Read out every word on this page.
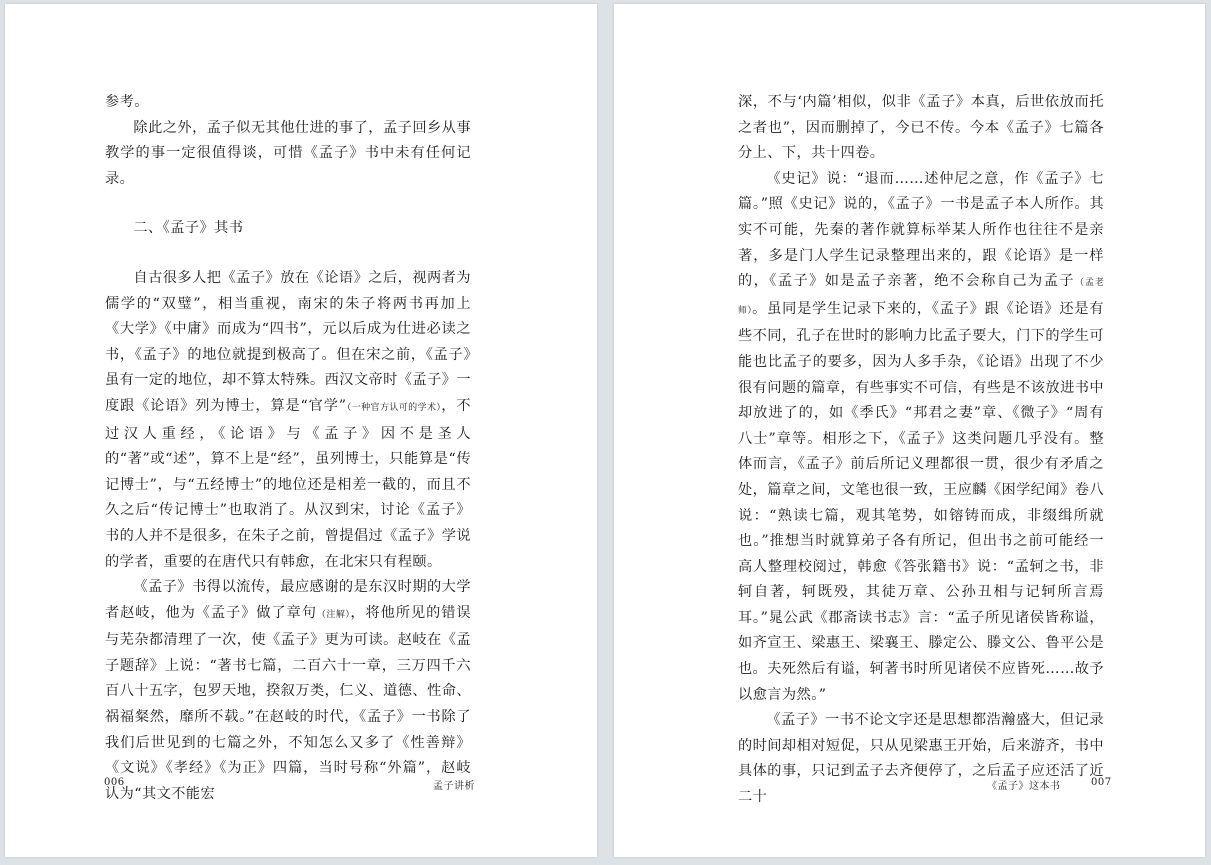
参考。

除此之外，孟子似无其他仕进的事了，孟子回乡从事教学的事一定很值得谈，可惜《孟子》书中未有任何记录。

二、《孟子》其书

自古很多人把《孟子》放在《论语》之后，视两者为儒学的“双璧”，相当重视，南宋的朱子将两书再加上《大学》《中庸》而成为“四书”，元以后成为仕进必读之书，《孟子》的地位就提到极高了。但在宋之前，《孟子》虽有一定的地位，却不算太特殊。西汉文帝时《孟子》一度跟《论语》列为博士，算是“官学”（一种官方认可的学术），不过汉人重经，《论语》与《孟子》因不是圣人的“著”或“述”，算不上是“经”，虽列博士，只能算是“传记博士”，与“五经博士”的地位还是相差一截的，而且不久之后“传记博士”也取消了。从汉到宋，讨论《孟子》书的人并不是很多，在朱子之前，曾提倡过《孟子》学说的学者，重要的在唐代只有韩愈，在北宋只有程颐。

《孟子》书得以流传，最应感谢的是东汉时期的大学者赵岐，他为《孟子》做了章句（注解），将他所见的错误与芜杂都清理了一次，使《孟子》更为可读。赵岐在《孟子题辞》上说：“著书七篇，二百六十一章，三万四千六百八十五字，包罗天地，揆叙万类，仁义、道德、性命、祸福粲然，靡所不载。”在赵岐的时代，《孟子》一书除了我们后世见到的七篇之外，不知怎么又多了《性善辩》《文说》《孝经》《为正》四篇，当时号称“外篇”，赵岐认为“其文不能宏

006	孟子讲析

深，不与‘内篇’相似，似非《孟子》本真，后世依放而托之者也”，因而删掉了，今已不传。今本《孟子》七篇各分上、下，共十四卷。

《史记》说：“退而……述仲尼之意，作《孟子》七篇。”照《史记》说的，《孟子》一书是孟子本人所作。其实不可能，先秦的著作就算标举某人所作也往往不是亲著，多是门人学生记录整理出来的，跟《论语》是一样的，《孟子》如是孟子亲著，绝不会称自己为孟子（孟老师）。虽同是学生记录下来的，《孟子》跟《论语》还是有些不同，孔子在世时的影响力比孟子要大，门下的学生可能也比孟子的要多，因为人多手杂，《论语》出现了不少很有问题的篇章，有些事实不可信，有些是不该放进书中却放进了的，如《季氏》“邦君之妻”章、《微子》“周有八士”章等。相形之下，《孟子》这类问题几乎没有。整体而言，《孟子》前后所记义理都很一贯，很少有矛盾之处，篇章之间，文笔也很一致，王应麟《困学纪闻》卷八说：“熟读七篇，观其笔势，如镕铸而成，非缀缉所就也。”推想当时就算弟子各有所记，但出书之前可能经一高人整理校阅过，韩愈《答张籍书》说：“孟轲之书，非轲自著，轲既殁，其徒万章、公孙丑相与记轲所言焉耳。”晁公武《郡斋读书志》言：“孟子所见诸侯皆称谥，如齐宣王、梁惠王、梁襄王、滕定公、滕文公、鲁平公是也。夫死然后有谥，轲著书时所见诸侯不应皆死……故予以愈言为然。”

《孟子》一书不论文字还是思想都浩瀚盛大，但记录的时间却相对短促，只从见梁惠王开始，后来游齐，书中具体的事，只记到孟子去齐便停了，之后孟子应还活了近二十

《孟子》这本书	007
